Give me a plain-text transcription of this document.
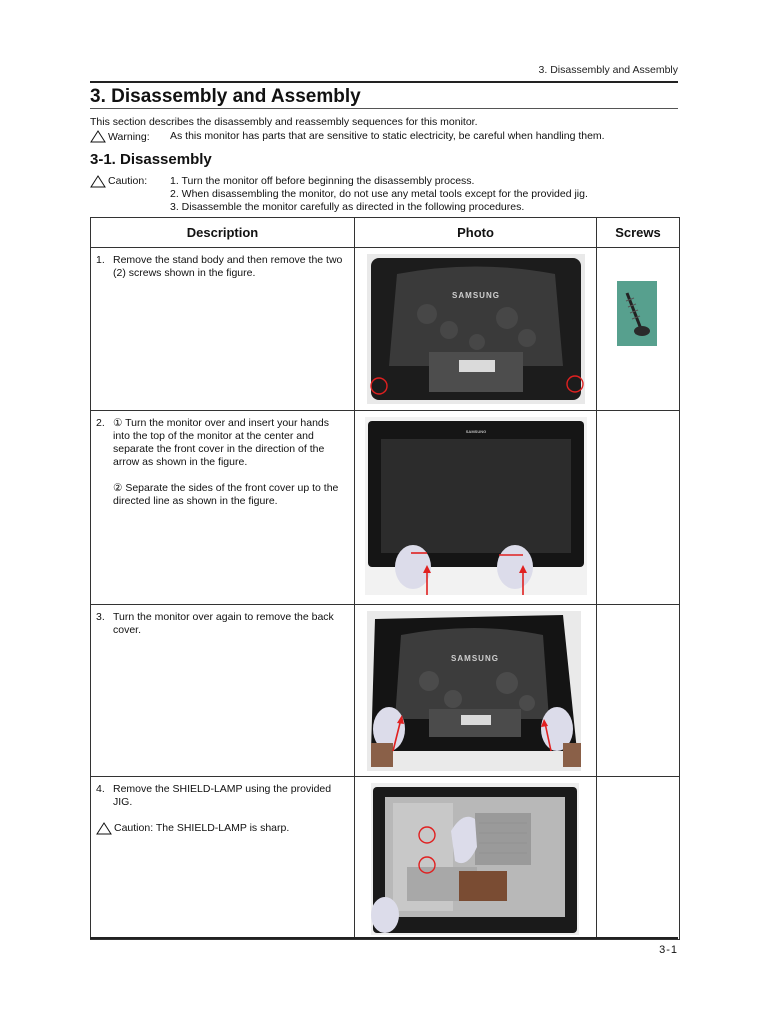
3. Disassembly and Assembly
3. Disassembly and Assembly
This section describes the disassembly and reassembly sequences for this monitor.
Warning: As this monitor has parts that are sensitive to static electricity, be careful when handling them.
3-1. Disassembly
Caution: 1. Turn the monitor off before beginning the disassembly process.
2. When disassembling the monitor, do not use any metal tools except for the provided jig.
3. Disassemble the monitor carefully as directed in the following procedures.
Description	Photo	Screws
1. Remove the stand body and then remove the two (2) screws shown in the figure.	SAMSUNG

2. ① Turn the monitor over and insert your hands into the top of the monitor at the center and separate the front cover in the direction of the arrow as shown in the figure.

② Separate the sides of the front cover up to the directed line as shown in the figure.	SAMSUNG	

3. Turn the monitor over again to remove the back cover.	SAMSUNG	

4. Remove the SHIELD-LAMP using the provided JIG.

Caution: The SHIELD-LAMP is sharp.

3-1
